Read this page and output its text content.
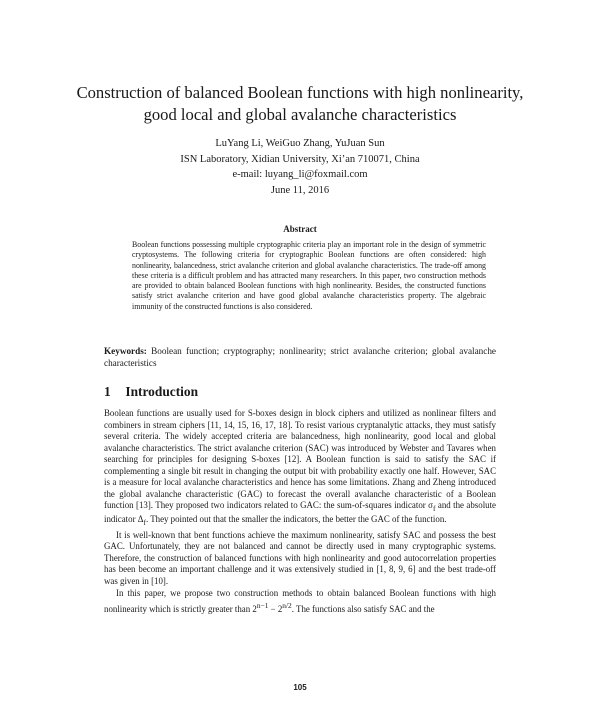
Construction of balanced Boolean functions with high nonlinearity,
good local and global avalanche characteristics
LuYang Li, WeiGuo Zhang, YuJuan Sun
ISN Laboratory, Xidian University, Xi’an 710071, China
e-mail: luyang_li@foxmail.com
June 11, 2016
Abstract
Boolean functions possessing multiple cryptographic criteria play an important role in the design of symmetric cryptosystems. The following criteria for cryptographic Boolean functions are often considered: high nonlinearity, balancedness, strict avalanche criterion and global avalanche characteristics. The trade-off among these criteria is a difficult problem and has attracted many researchers. In this paper, two construction methods are provided to obtain balanced Boolean functions with high nonlinearity. Besides, the constructed functions satisfy strict avalanche criterion and have good global avalanche characteristics property. The algebraic immunity of the constructed functions is also considered.
Keywords: Boolean function; cryptography; nonlinearity; strict avalanche criterion; global avalanche characteristics
1 Introduction

Boolean functions are usually used for S-boxes design in block ciphers and utilized as nonlinear filters and combiners in stream ciphers [11, 14, 15, 16, 17, 18]. To resist various cryptanalytic attacks, they must satisfy several criteria. The widely accepted criteria are balancedness, high nonlinearity, good local and global avalanche characteristics. The strict avalanche criterion (SAC) was introduced by Webster and Tavares when searching for principles for designing S-boxes [12]. A Boolean function is said to satisfy the SAC if complementing a single bit result in changing the output bit with probability exactly one half. However, SAC is a measure for local avalanche characteristics and hence has some limitations. Zhang and Zheng introduced the global avalanche characteristic (GAC) to forecast the overall avalanche characteristic of a Boolean function [13]. They proposed two indicators related to GAC: the sum-of-squares indicator $\sigma_f$ and the absolute indicator $\Delta_f$. They pointed out that the smaller the indicators, the better the GAC of the function.

It is well-known that bent functions achieve the maximum nonlinearity, satisfy SAC and possess the best GAC. Unfortunately, they are not balanced and cannot be directly used in many cryptographic systems. Therefore, the construction of balanced functions with high nonlinearity and good autocorrelation properties has been become an important challenge and it was extensively studied in [1, 8, 9, 6] and the best trade-off was given in [10].

In this paper, we propose two construction methods to obtain balanced Boolean functions with high nonlinearity which is strictly greater than $2^{n-1} - 2^{n/2}$. The functions also satisfy SAC and the

105
